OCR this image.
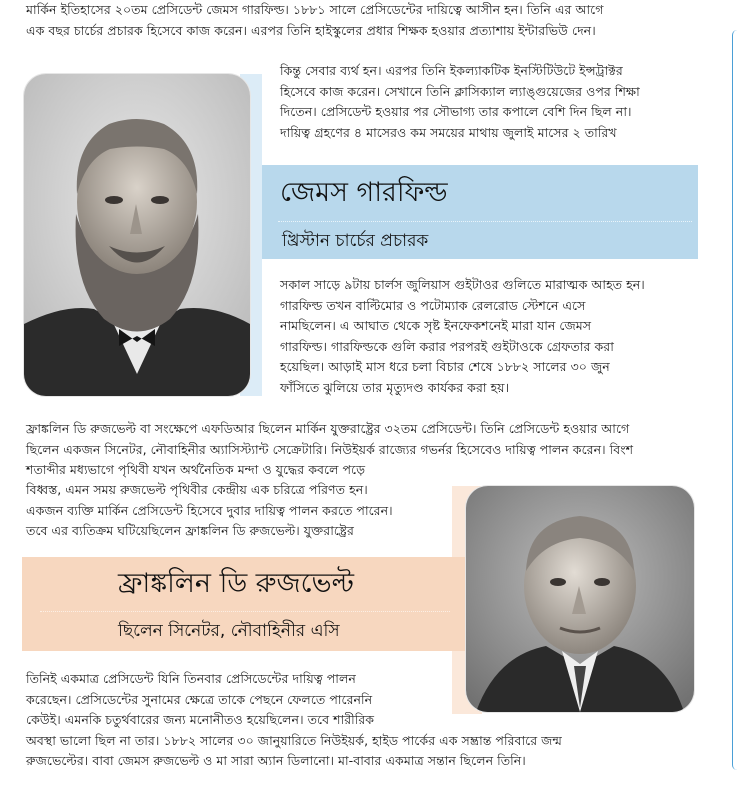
মার্কিন ইতিহাসের ২০তম প্রেসিডেন্ট জেমস গারফিল্ড। ১৮৮১ সালে প্রেসিডেন্টের দায়িত্বে আসীন হন। তিনি এর আগে
এক বছর চার্চের প্রচারক হিসেবে কাজ করেন। এরপর তিনি হাইস্কুলের প্রধার শিক্ষক হওয়ার প্রত্যাশায় ইন্টারভিউ দেন।
কিন্তু সেবার ব্যর্থ হন। এরপর তিনি ইকল্যাকটিক ইনস্টিটিউটে ইন্সট্রাক্টর
হিসেবে কাজ করেন। সেখানে তিনি ক্লাসিক্যাল ল্যাঙ্গুয়েজের ওপর শিক্ষা
দিতেন। প্রেসিডেন্ট হওয়ার পর সৌভাগ্য তার কপালে বেশি দিন ছিল না।
দায়িত্ব গ্রহণের ৪ মাসেরও কম সময়ের মাথায় জুলাই মাসের ২ তারিখ
জেমস গারফিল্ড
খ্রিস্টান চার্চের প্রচারক
সকাল সাড়ে ৯টায় চার্লস জুলিয়াস গুইটাওর গুলিতে মারাত্মক আহত হন।
গারফিল্ড তখন বাল্টিমোর ও পটোম্যাক রেলরোড স্টেশনে এসে
নামছিলেন। এ আঘাত থেকে সৃষ্ট ইনফেকশনেই মারা যান জেমস
গারফিল্ড। গারফিল্ডকে গুলি করার পরপরই গুইটাওকে গ্রেফতার করা
হয়েছিল। আড়াই মাস ধরে চলা বিচার শেষে ১৮৮২ সালের ৩০ জুন
ফাঁসিতে ঝুলিয়ে তার মৃত্যুদণ্ড কার্যকর করা হয়।
ফ্রাঙ্কলিন ডি রুজভেল্ট বা সংক্ষেপে এফডিআর ছিলেন মার্কিন যুক্তরাষ্ট্রের ৩২তম প্রেসিডেন্ট। তিনি প্রেসিডেন্ট হওয়ার আগে
ছিলেন একজন সিনেটর, নৌবাহিনীর অ্যাসিস্ট্যান্ট সেক্রেটারি। নিউইয়র্ক রাজ্যের গভর্নর হিসেবেও দায়িত্ব পালন করেন। বিংশ
শতাব্দীর মধ্যভাগে পৃথিবী যখন অর্থনৈতিক মন্দা ও যুদ্ধের কবলে পড়ে
বিধ্বস্ত, এমন সময় রুজভেল্ট পৃথিবীর কেন্দ্রীয় এক চরিত্রে পরিণত হন।
একজন ব্যক্তি মার্কিন প্রেসিডেন্ট হিসেবে দুবার দায়িত্ব পালন করতে পারেন।
তবে এর ব্যতিক্রম ঘটিয়েছিলেন ফ্রাঙ্কলিন ডি রুজভেল্ট। যুক্তরাষ্ট্রের
ফ্রাঙ্কলিন ডি রুজভেল্ট
ছিলেন সিনেটর, নৌবাহিনীর এসি
তিনিই একমাত্র প্রেসিডেন্ট যিনি তিনবার প্রেসিডেন্টের দায়িত্ব পালন
করেছেন। প্রেসিডেন্টের সুনামের ক্ষেত্রে তাকে পেছনে ফেলতে পারেননি
কেউই। এমনকি চতুর্থবারের জন্য মনোনীতও হয়েছিলেন। তবে শারীরিক
অবস্থা ভালো ছিল না তার। ১৮৮২ সালের ৩০ জানুয়ারিতে নিউইয়র্ক, হাইড পার্কের এক সম্ভ্রান্ত পরিবারে জন্ম
রুজভেল্টের। বাবা জেমস রুজভেল্ট ও মা সারা অ্যান ডিলানো। মা-বাবার একমাত্র সন্তান ছিলেন তিনি।
